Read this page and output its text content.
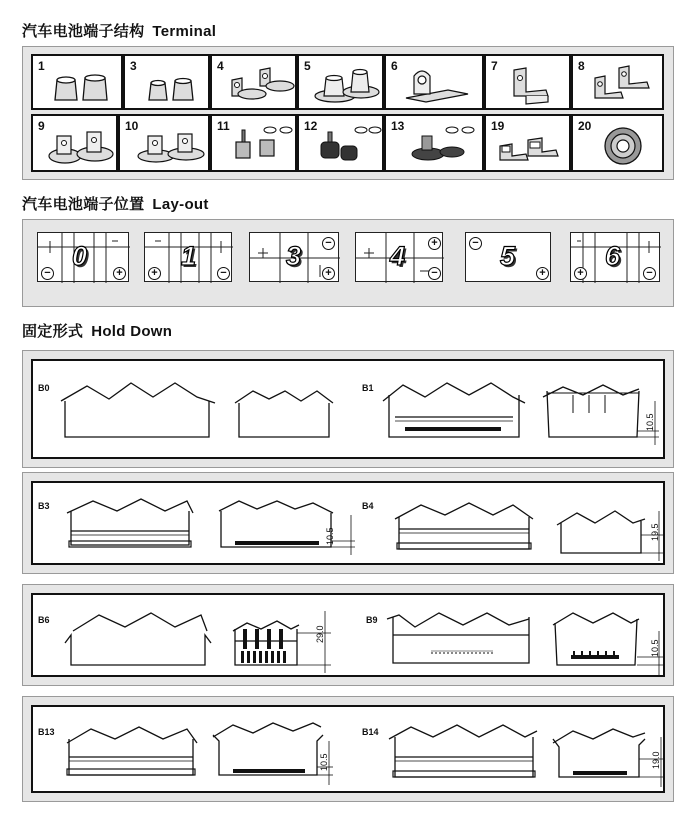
汽车电池端子结构 Terminal
汽车电池端子位置 Lay-out
固定形式 Hold Down
1	3	4	5	6	7	8
9	10	11	12	13	19	20
0
−	+
1
+	−
3 −
+
4 +
−
5
−
+
6
+	−
B0	B1
10.5
B3
10.5
B4
19.5
B6
29.0
B9
10.5
B13
10.5
B14
19.0
